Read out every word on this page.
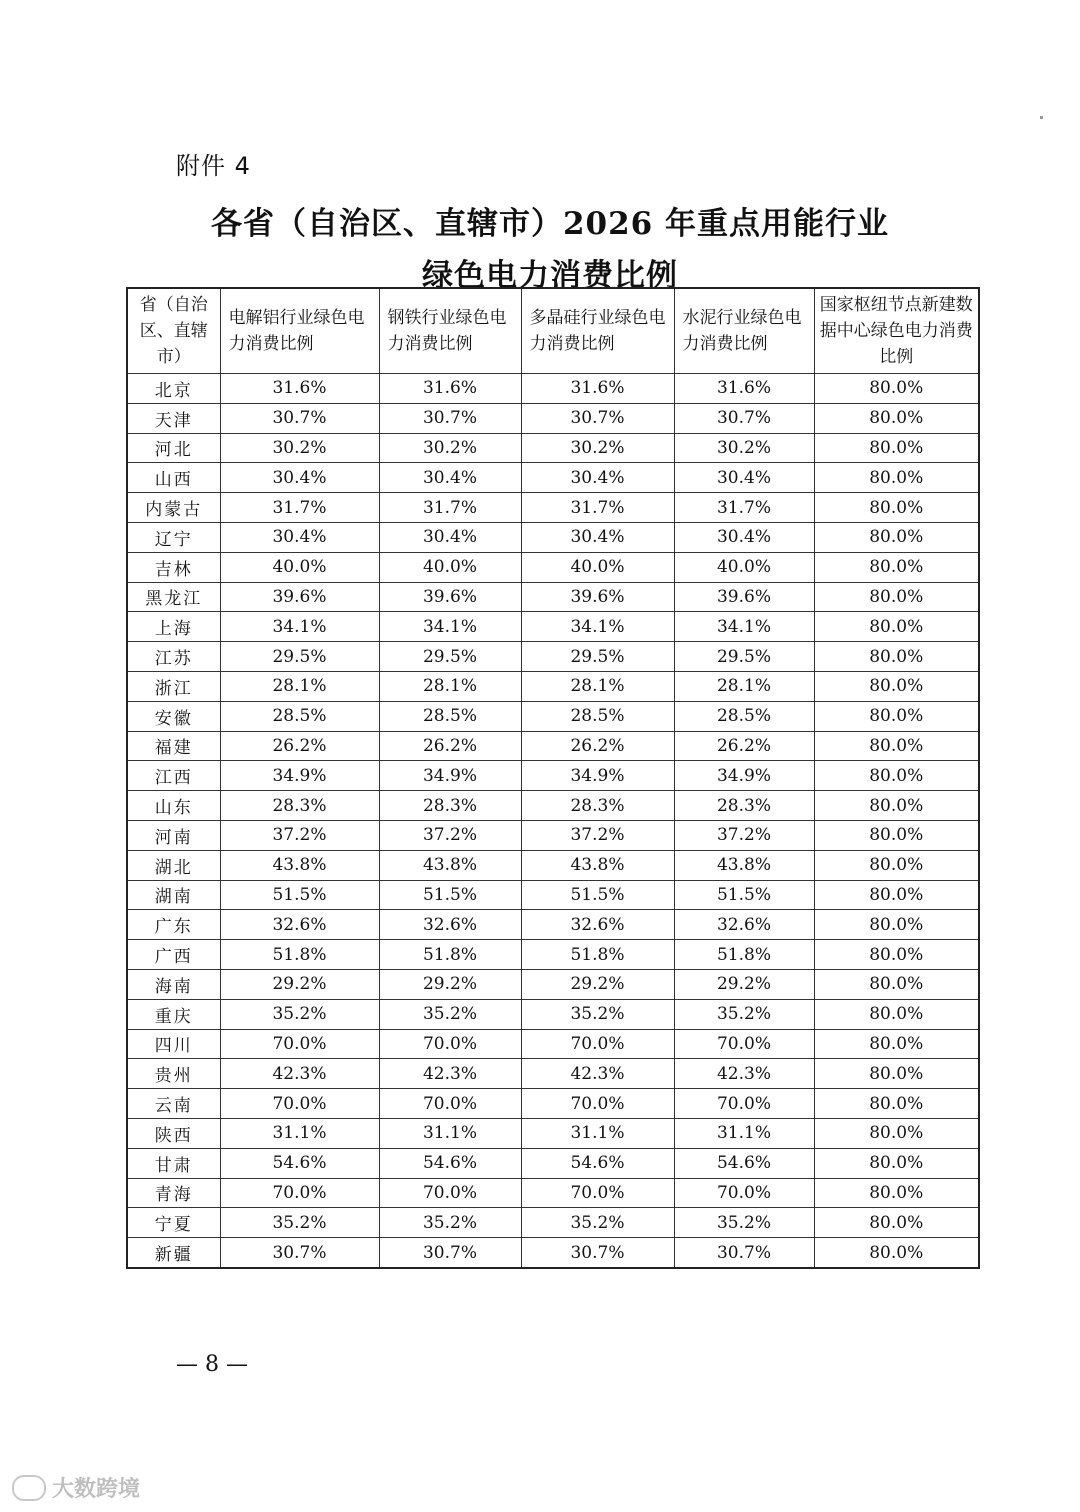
附件 4
各省（自治区、直辖市）2026 年重点用能行业
绿色电力消费比例
省（自治区、直辖市）	电解铝行业绿色电力消费比例	钢铁行业绿色电力消费比例	多晶硅行业绿色电力消费比例	水泥行业绿色电力消费比例	国家枢纽节点新建数据中心绿色电力消费比例
北京	31.6%	31.6%	31.6%	31.6%	80.0%
天津	30.7%	30.7%	30.7%	30.7%	80.0%
河北	30.2%	30.2%	30.2%	30.2%	80.0%
山西	30.4%	30.4%	30.4%	30.4%	80.0%
内蒙古	31.7%	31.7%	31.7%	31.7%	80.0%
辽宁	30.4%	30.4%	30.4%	30.4%	80.0%
吉林	40.0%	40.0%	40.0%	40.0%	80.0%
黑龙江	39.6%	39.6%	39.6%	39.6%	80.0%
上海	34.1%	34.1%	34.1%	34.1%	80.0%
江苏	29.5%	29.5%	29.5%	29.5%	80.0%
浙江	28.1%	28.1%	28.1%	28.1%	80.0%
安徽	28.5%	28.5%	28.5%	28.5%	80.0%
福建	26.2%	26.2%	26.2%	26.2%	80.0%
江西	34.9%	34.9%	34.9%	34.9%	80.0%
山东	28.3%	28.3%	28.3%	28.3%	80.0%
河南	37.2%	37.2%	37.2%	37.2%	80.0%
湖北	43.8%	43.8%	43.8%	43.8%	80.0%
湖南	51.5%	51.5%	51.5%	51.5%	80.0%
广东	32.6%	32.6%	32.6%	32.6%	80.0%
广西	51.8%	51.8%	51.8%	51.8%	80.0%
海南	29.2%	29.2%	29.2%	29.2%	80.0%
重庆	35.2%	35.2%	35.2%	35.2%	80.0%
四川	70.0%	70.0%	70.0%	70.0%	80.0%
贵州	42.3%	42.3%	42.3%	42.3%	80.0%
云南	70.0%	70.0%	70.0%	70.0%	80.0%
陕西	31.1%	31.1%	31.1%	31.1%	80.0%
甘肃	54.6%	54.6%	54.6%	54.6%	80.0%
青海	70.0%	70.0%	70.0%	70.0%	80.0%
宁夏	35.2%	35.2%	35.2%	35.2%	80.0%
新疆	30.7%	30.7%	30.7%	30.7%	80.0%
— 8 —
大数跨境
